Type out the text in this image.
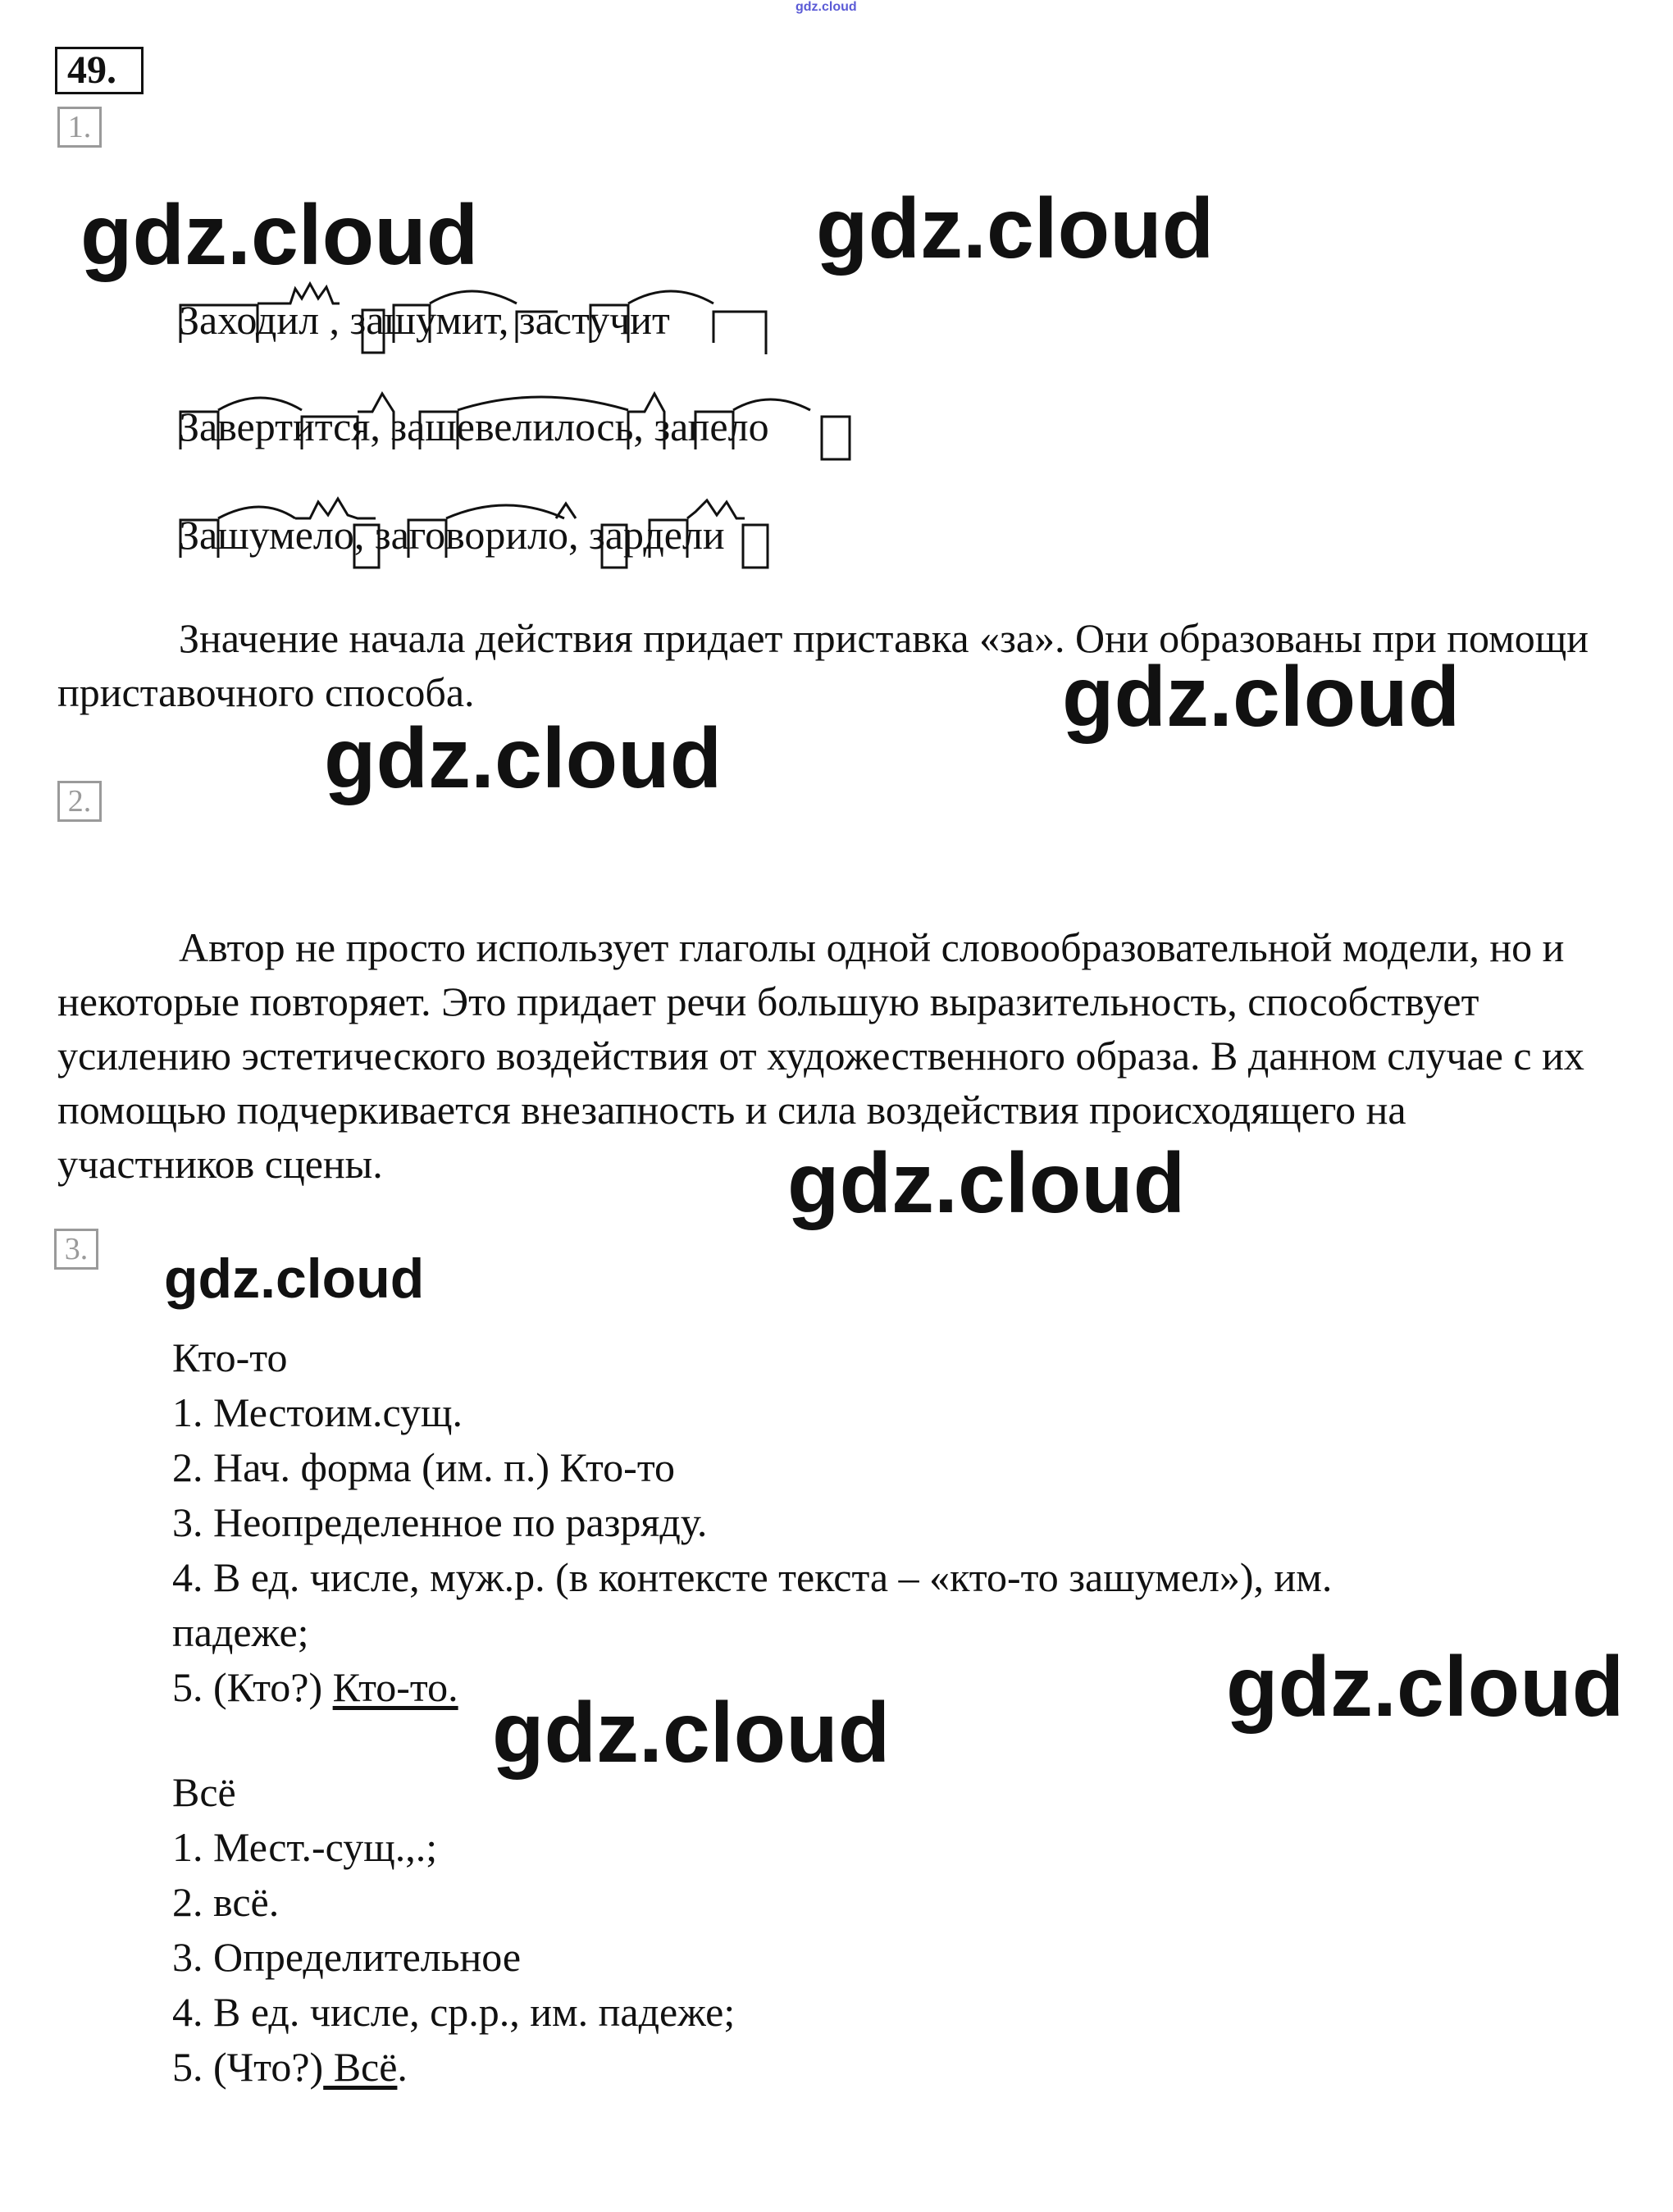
gdz.cloud
49.
1.
Заходил , зашумит, застучит
Завертится, зашевелилось, запело
Зашумело, заговорило, зардели

Значение начала действия придает приставка «за». Они образованы при помощи приставочного способа.

2.

Автор не просто использует глаголы одной словообразовательной модели, но и некоторые повторяет. Это придает речи большую выразительность, способствует усилению эстетического воздействия от художественного образа. В данном случае с их помощью подчеркивается внезапность и сила воздействия происходящего на участников сцены.

3.
Кто-то
1. Местоим.сущ.
2. Нач. форма (им. п.) Кто-то
3. Неопределенное по разряду.
4. В ед. числе, муж.р. (в контексте текста – «кто-то зашумел»), им.
падеже;
5. (Кто?) Кто-то.
Всё
1. Мест.-сущ.,.;
2. всё.
3. Определительное
4. В ед. числе, ср.р., им. падеже;
5. (Что?) Всё.
gdz.cloud	gdz.cloud
gdz.cloud
gdz.cloud
gdz.cloud
gdz.cloud
gdz.cloud
gdz.cloud
